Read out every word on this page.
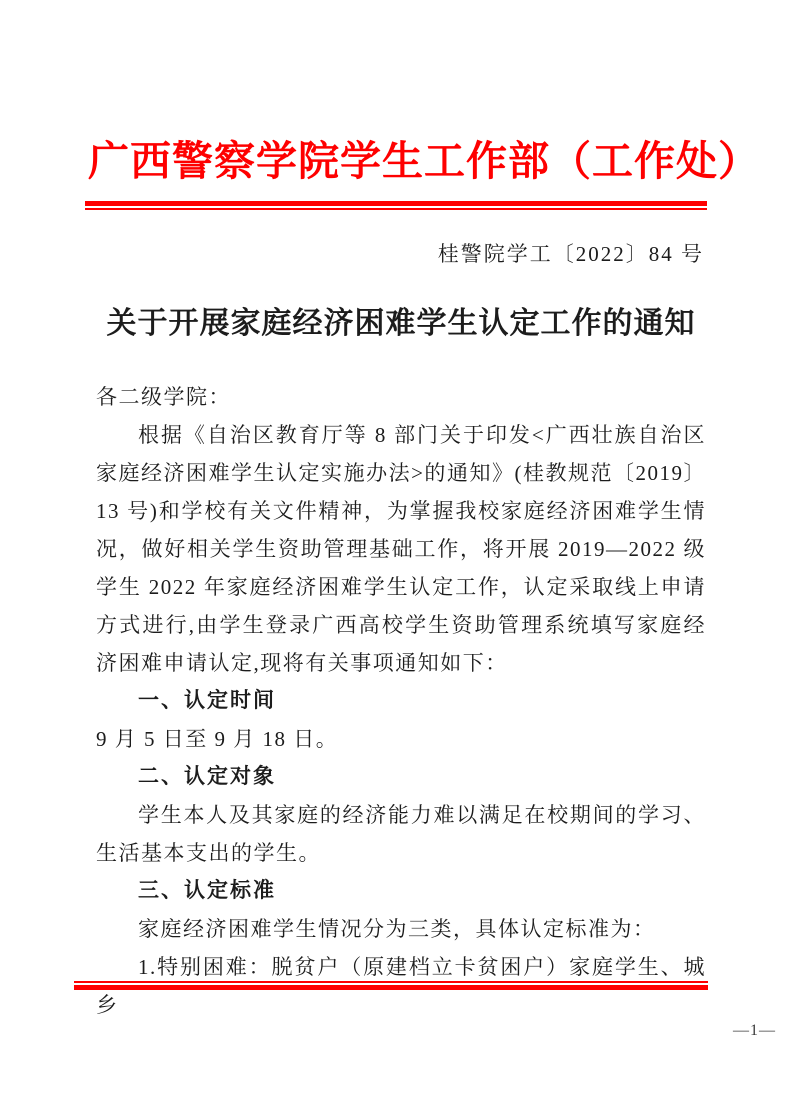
广西警察学院学生工作部（工作处）
桂警院学工〔2022〕84 号
关于开展家庭经济困难学生认定工作的通知

各二级学院：

根据《自治区教育厅等 8 部门关于印发<广西壮族自治区家庭经济困难学生认定实施办法>的通知》(桂教规范〔2019〕13 号)和学校有关文件精神，为掌握我校家庭经济困难学生情况，做好相关学生资助管理基础工作，将开展 2019—2022 级学生 2022 年家庭经济困难学生认定工作，认定采取线上申请方式进行,由学生登录广西高校学生资助管理系统填写家庭经济困难申请认定,现将有关事项通知如下：

一、认定时间

9 月 5 日至 9 月 18 日。

二、认定对象

学生本人及其家庭的经济能力难以满足在校期间的学习、生活基本支出的学生。

三、认定标准

家庭经济困难学生情况分为三类，具体认定标准为：

1.特别困难：脱贫户（原建档立卡贫困户）家庭学生、城乡

—1—
